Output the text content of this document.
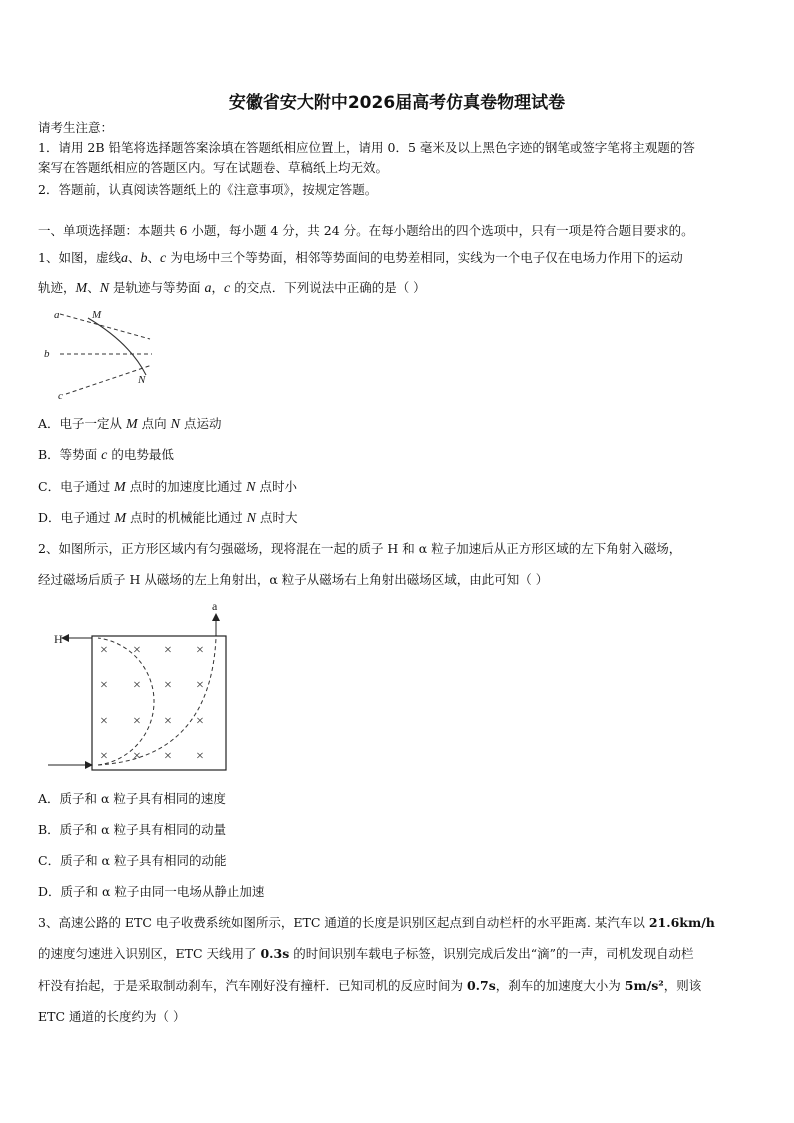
安徽省安大附中2026届高考仿真卷物理试卷
请考生注意：
1．请用 2B 铅笔将选择题答案涂填在答题纸相应位置上，请用 0．5 毫米及以上黑色字迹的钢笔或签字笔将主观题的答
案写在答题纸相应的答题区内。写在试题卷、草稿纸上均无效。
2．答题前，认真阅读答题纸上的《注意事项》，按规定答题。
一、单项选择题：本题共 6 小题，每小题 4 分，共 24 分。在每小题给出的四个选项中，只有一项是符合题目要求的。
1、如图，虚线a、b、c 为电场中三个等势面，相邻等势面间的电势差相同，实线为一个电子仅在电场力作用下的运动
轨迹，M、N 是轨迹与等势面 a，c 的交点．下列说法中正确的是（ ）
a
b
c
M
N
A．电子一定从 M 点向 N 点运动
B．等势面 c 的电势最低
C．电子通过 M 点时的加速度比通过 N 点时小
D．电子通过 M 点时的机械能比通过 N 点时大
2、如图所示，正方形区域内有匀强磁场，现将混在一起的质子 H 和 α 粒子加速后从正方形区域的左下角射入磁场，
经过磁场后质子 H 从磁场的左上角射出，α 粒子从磁场右上角射出磁场区域，由此可知（ ）
H
a
× × × ×
× × × ×
× × × ×
× × × ×
A．质子和 α 粒子具有相同的速度
B．质子和 α 粒子具有相同的动量
C．质子和 α 粒子具有相同的动能
D．质子和 α 粒子由同一电场从静止加速
3、高速公路的 ETC 电子收费系统如图所示，ETC 通道的长度是识别区起点到自动栏杆的水平距离. 某汽车以 21.6km/h
的速度匀速进入识别区，ETC 天线用了 0.3s 的时间识别车载电子标签，识别完成后发出“滴”的一声，司机发现自动栏
杆没有抬起，于是采取制动刹车，汽车刚好没有撞杆．已知司机的反应时间为 0.7s，刹车的加速度大小为 5m/s²，则该
ETC 通道的长度约为（ ）
